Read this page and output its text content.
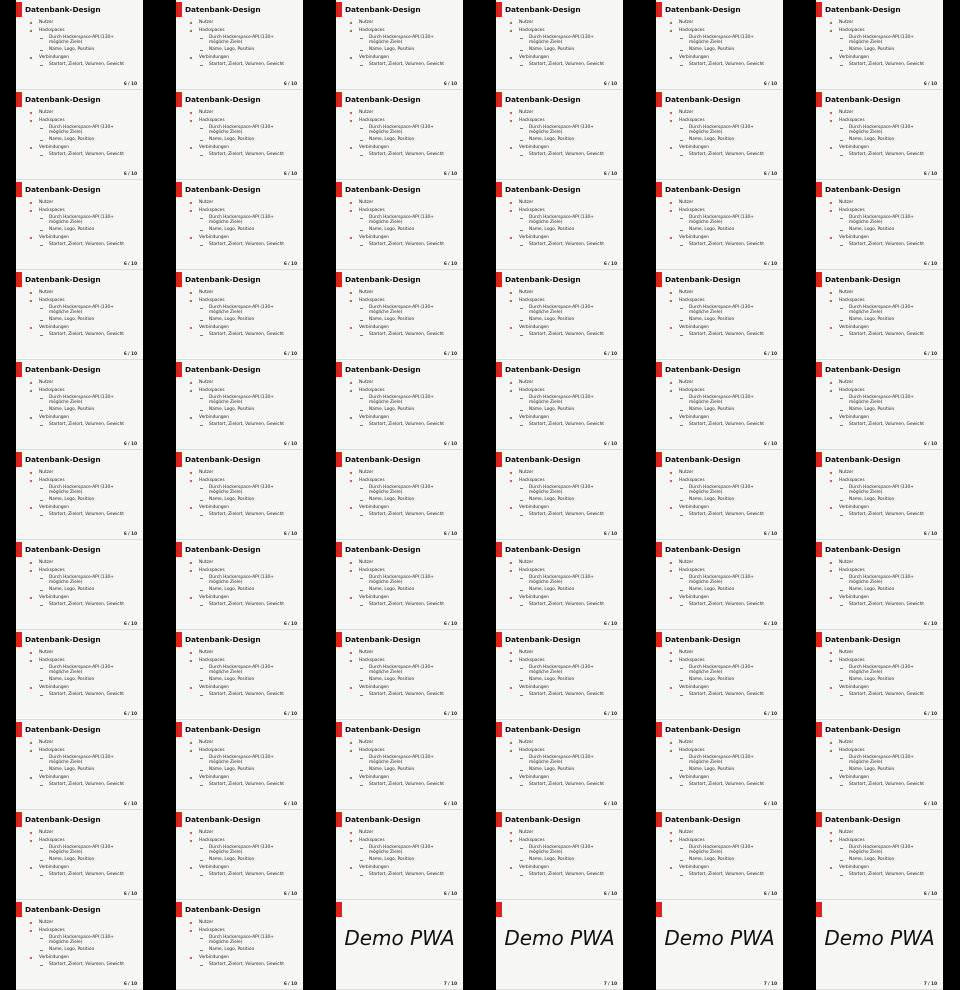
Datenbank-Design
Nutzer
Hackspaces
Durch Hackerspace-API (130+ mögliche Ziele)
Name, Logo, Position
Verbindungen
Startort, Zielort, Volumen, Gewicht
6 / 10
Datenbank-Design
Nutzer
Hackspaces
Durch Hackerspace-API (130+ mögliche Ziele)
Name, Logo, Position
Verbindungen
Startort, Zielort, Volumen, Gewicht
6 / 10
Datenbank-Design
Nutzer
Hackspaces
Durch Hackerspace-API (130+ mögliche Ziele)
Name, Logo, Position
Verbindungen
Startort, Zielort, Volumen, Gewicht
6 / 10
Datenbank-Design
Nutzer
Hackspaces
Durch Hackerspace-API (130+ mögliche Ziele)
Name, Logo, Position
Verbindungen
Startort, Zielort, Volumen, Gewicht
6 / 10
Datenbank-Design
Nutzer
Hackspaces
Durch Hackerspace-API (130+ mögliche Ziele)
Name, Logo, Position
Verbindungen
Startort, Zielort, Volumen, Gewicht
6 / 10
Datenbank-Design
Nutzer
Hackspaces
Durch Hackerspace-API (130+ mögliche Ziele)
Name, Logo, Position
Verbindungen
Startort, Zielort, Volumen, Gewicht
6 / 10
Datenbank-Design
Nutzer
Hackspaces
Durch Hackerspace-API (130+ mögliche Ziele)
Name, Logo, Position
Verbindungen
Startort, Zielort, Volumen, Gewicht
6 / 10
Datenbank-Design
Nutzer
Hackspaces
Durch Hackerspace-API (130+ mögliche Ziele)
Name, Logo, Position
Verbindungen
Startort, Zielort, Volumen, Gewicht
6 / 10
Datenbank-Design
Nutzer
Hackspaces
Durch Hackerspace-API (130+ mögliche Ziele)
Name, Logo, Position
Verbindungen
Startort, Zielort, Volumen, Gewicht
6 / 10
Datenbank-Design
Nutzer
Hackspaces
Durch Hackerspace-API (130+ mögliche Ziele)
Name, Logo, Position
Verbindungen
Startort, Zielort, Volumen, Gewicht
6 / 10
Datenbank-Design
Nutzer
Hackspaces
Durch Hackerspace-API (130+ mögliche Ziele)
Name, Logo, Position
Verbindungen
Startort, Zielort, Volumen, Gewicht
6 / 10
Datenbank-Design
Nutzer
Hackspaces
Durch Hackerspace-API (130+ mögliche Ziele)
Name, Logo, Position
Verbindungen
Startort, Zielort, Volumen, Gewicht
6 / 10
Datenbank-Design
Nutzer
Hackspaces
Durch Hackerspace-API (130+ mögliche Ziele)
Name, Logo, Position
Verbindungen
Startort, Zielort, Volumen, Gewicht
6 / 10
Datenbank-Design
Nutzer
Hackspaces
Durch Hackerspace-API (130+ mögliche Ziele)
Name, Logo, Position
Verbindungen
Startort, Zielort, Volumen, Gewicht
6 / 10
Datenbank-Design
Nutzer
Hackspaces
Durch Hackerspace-API (130+ mögliche Ziele)
Name, Logo, Position
Verbindungen
Startort, Zielort, Volumen, Gewicht
6 / 10
Datenbank-Design
Nutzer
Hackspaces
Durch Hackerspace-API (130+ mögliche Ziele)
Name, Logo, Position
Verbindungen
Startort, Zielort, Volumen, Gewicht
6 / 10
Datenbank-Design
Nutzer
Hackspaces
Durch Hackerspace-API (130+ mögliche Ziele)
Name, Logo, Position
Verbindungen
Startort, Zielort, Volumen, Gewicht
6 / 10
Datenbank-Design
Nutzer
Hackspaces
Durch Hackerspace-API (130+ mögliche Ziele)
Name, Logo, Position
Verbindungen
Startort, Zielort, Volumen, Gewicht
6 / 10
Datenbank-Design
Nutzer
Hackspaces
Durch Hackerspace-API (130+ mögliche Ziele)
Name, Logo, Position
Verbindungen
Startort, Zielort, Volumen, Gewicht
6 / 10
Datenbank-Design
Nutzer
Hackspaces
Durch Hackerspace-API (130+ mögliche Ziele)
Name, Logo, Position
Verbindungen
Startort, Zielort, Volumen, Gewicht
6 / 10
Datenbank-Design
Nutzer
Hackspaces
Durch Hackerspace-API (130+ mögliche Ziele)
Name, Logo, Position
Verbindungen
Startort, Zielort, Volumen, Gewicht
6 / 10
Datenbank-Design
Nutzer
Hackspaces
Durch Hackerspace-API (130+ mögliche Ziele)
Name, Logo, Position
Verbindungen
Startort, Zielort, Volumen, Gewicht
6 / 10
Datenbank-Design
Nutzer
Hackspaces
Durch Hackerspace-API (130+ mögliche Ziele)
Name, Logo, Position
Verbindungen
Startort, Zielort, Volumen, Gewicht
6 / 10
Datenbank-Design
Nutzer
Hackspaces
Durch Hackerspace-API (130+ mögliche Ziele)
Name, Logo, Position
Verbindungen
Startort, Zielort, Volumen, Gewicht
6 / 10
Datenbank-Design
Nutzer
Hackspaces
Durch Hackerspace-API (130+ mögliche Ziele)
Name, Logo, Position
Verbindungen
Startort, Zielort, Volumen, Gewicht
6 / 10
Datenbank-Design
Nutzer
Hackspaces
Durch Hackerspace-API (130+ mögliche Ziele)
Name, Logo, Position
Verbindungen
Startort, Zielort, Volumen, Gewicht
6 / 10
Datenbank-Design
Nutzer
Hackspaces
Durch Hackerspace-API (130+ mögliche Ziele)
Name, Logo, Position
Verbindungen
Startort, Zielort, Volumen, Gewicht
6 / 10
Datenbank-Design
Nutzer
Hackspaces
Durch Hackerspace-API (130+ mögliche Ziele)
Name, Logo, Position
Verbindungen
Startort, Zielort, Volumen, Gewicht
6 / 10
Datenbank-Design
Nutzer
Hackspaces
Durch Hackerspace-API (130+ mögliche Ziele)
Name, Logo, Position
Verbindungen
Startort, Zielort, Volumen, Gewicht
6 / 10
Datenbank-Design
Nutzer
Hackspaces
Durch Hackerspace-API (130+ mögliche Ziele)
Name, Logo, Position
Verbindungen
Startort, Zielort, Volumen, Gewicht
6 / 10
Datenbank-Design
Nutzer
Hackspaces
Durch Hackerspace-API (130+ mögliche Ziele)
Name, Logo, Position
Verbindungen
Startort, Zielort, Volumen, Gewicht
6 / 10
Datenbank-Design
Nutzer
Hackspaces
Durch Hackerspace-API (130+ mögliche Ziele)
Name, Logo, Position
Verbindungen
Startort, Zielort, Volumen, Gewicht
6 / 10
Datenbank-Design
Nutzer
Hackspaces
Durch Hackerspace-API (130+ mögliche Ziele)
Name, Logo, Position
Verbindungen
Startort, Zielort, Volumen, Gewicht
6 / 10
Datenbank-Design
Nutzer
Hackspaces
Durch Hackerspace-API (130+ mögliche Ziele)
Name, Logo, Position
Verbindungen
Startort, Zielort, Volumen, Gewicht
6 / 10
Datenbank-Design
Nutzer
Hackspaces
Durch Hackerspace-API (130+ mögliche Ziele)
Name, Logo, Position
Verbindungen
Startort, Zielort, Volumen, Gewicht
6 / 10
Datenbank-Design
Nutzer
Hackspaces
Durch Hackerspace-API (130+ mögliche Ziele)
Name, Logo, Position
Verbindungen
Startort, Zielort, Volumen, Gewicht
6 / 10
Datenbank-Design
Nutzer
Hackspaces
Durch Hackerspace-API (130+ mögliche Ziele)
Name, Logo, Position
Verbindungen
Startort, Zielort, Volumen, Gewicht
6 / 10
Datenbank-Design
Nutzer
Hackspaces
Durch Hackerspace-API (130+ mögliche Ziele)
Name, Logo, Position
Verbindungen
Startort, Zielort, Volumen, Gewicht
6 / 10
Datenbank-Design
Nutzer
Hackspaces
Durch Hackerspace-API (130+ mögliche Ziele)
Name, Logo, Position
Verbindungen
Startort, Zielort, Volumen, Gewicht
6 / 10
Datenbank-Design
Nutzer
Hackspaces
Durch Hackerspace-API (130+ mögliche Ziele)
Name, Logo, Position
Verbindungen
Startort, Zielort, Volumen, Gewicht
6 / 10
Datenbank-Design
Nutzer
Hackspaces
Durch Hackerspace-API (130+ mögliche Ziele)
Name, Logo, Position
Verbindungen
Startort, Zielort, Volumen, Gewicht
6 / 10
Datenbank-Design
Nutzer
Hackspaces
Durch Hackerspace-API (130+ mögliche Ziele)
Name, Logo, Position
Verbindungen
Startort, Zielort, Volumen, Gewicht
6 / 10
Datenbank-Design
Nutzer
Hackspaces
Durch Hackerspace-API (130+ mögliche Ziele)
Name, Logo, Position
Verbindungen
Startort, Zielort, Volumen, Gewicht
6 / 10
Datenbank-Design
Nutzer
Hackspaces
Durch Hackerspace-API (130+ mögliche Ziele)
Name, Logo, Position
Verbindungen
Startort, Zielort, Volumen, Gewicht
6 / 10
Datenbank-Design
Nutzer
Hackspaces
Durch Hackerspace-API (130+ mögliche Ziele)
Name, Logo, Position
Verbindungen
Startort, Zielort, Volumen, Gewicht
6 / 10
Datenbank-Design
Nutzer
Hackspaces
Durch Hackerspace-API (130+ mögliche Ziele)
Name, Logo, Position
Verbindungen
Startort, Zielort, Volumen, Gewicht
6 / 10
Datenbank-Design
Nutzer
Hackspaces
Durch Hackerspace-API (130+ mögliche Ziele)
Name, Logo, Position
Verbindungen
Startort, Zielort, Volumen, Gewicht
6 / 10
Datenbank-Design
Nutzer
Hackspaces
Durch Hackerspace-API (130+ mögliche Ziele)
Name, Logo, Position
Verbindungen
Startort, Zielort, Volumen, Gewicht
6 / 10
Datenbank-Design
Nutzer
Hackspaces
Durch Hackerspace-API (130+ mögliche Ziele)
Name, Logo, Position
Verbindungen
Startort, Zielort, Volumen, Gewicht
6 / 10
Datenbank-Design
Nutzer
Hackspaces
Durch Hackerspace-API (130+ mögliche Ziele)
Name, Logo, Position
Verbindungen
Startort, Zielort, Volumen, Gewicht
6 / 10
Datenbank-Design
Nutzer
Hackspaces
Durch Hackerspace-API (130+ mögliche Ziele)
Name, Logo, Position
Verbindungen
Startort, Zielort, Volumen, Gewicht
6 / 10
Datenbank-Design
Nutzer
Hackspaces
Durch Hackerspace-API (130+ mögliche Ziele)
Name, Logo, Position
Verbindungen
Startort, Zielort, Volumen, Gewicht
6 / 10
Datenbank-Design
Nutzer
Hackspaces
Durch Hackerspace-API (130+ mögliche Ziele)
Name, Logo, Position
Verbindungen
Startort, Zielort, Volumen, Gewicht
6 / 10
Datenbank-Design
Nutzer
Hackspaces
Durch Hackerspace-API (130+ mögliche Ziele)
Name, Logo, Position
Verbindungen
Startort, Zielort, Volumen, Gewicht
6 / 10
Datenbank-Design
Nutzer
Hackspaces
Durch Hackerspace-API (130+ mögliche Ziele)
Name, Logo, Position
Verbindungen
Startort, Zielort, Volumen, Gewicht
6 / 10
Datenbank-Design
Nutzer
Hackspaces
Durch Hackerspace-API (130+ mögliche Ziele)
Name, Logo, Position
Verbindungen
Startort, Zielort, Volumen, Gewicht
6 / 10
Datenbank-Design
Nutzer
Hackspaces
Durch Hackerspace-API (130+ mögliche Ziele)
Name, Logo, Position
Verbindungen
Startort, Zielort, Volumen, Gewicht
6 / 10
Datenbank-Design
Nutzer
Hackspaces
Durch Hackerspace-API (130+ mögliche Ziele)
Name, Logo, Position
Verbindungen
Startort, Zielort, Volumen, Gewicht
6 / 10
Datenbank-Design
Nutzer
Hackspaces
Durch Hackerspace-API (130+ mögliche Ziele)
Name, Logo, Position
Verbindungen
Startort, Zielort, Volumen, Gewicht
6 / 10
Datenbank-Design
Nutzer
Hackspaces
Durch Hackerspace-API (130+ mögliche Ziele)
Name, Logo, Position
Verbindungen
Startort, Zielort, Volumen, Gewicht
6 / 10
Datenbank-Design
Nutzer
Hackspaces
Durch Hackerspace-API (130+ mögliche Ziele)
Name, Logo, Position
Verbindungen
Startort, Zielort, Volumen, Gewicht
6 / 10
Datenbank-Design
Nutzer
Hackspaces
Durch Hackerspace-API (130+ mögliche Ziele)
Name, Logo, Position
Verbindungen
Startort, Zielort, Volumen, Gewicht
6 / 10
Demo PWA
7 / 10
Demo PWA
7 / 10
Demo PWA
7 / 10
Demo PWA
7 / 10
